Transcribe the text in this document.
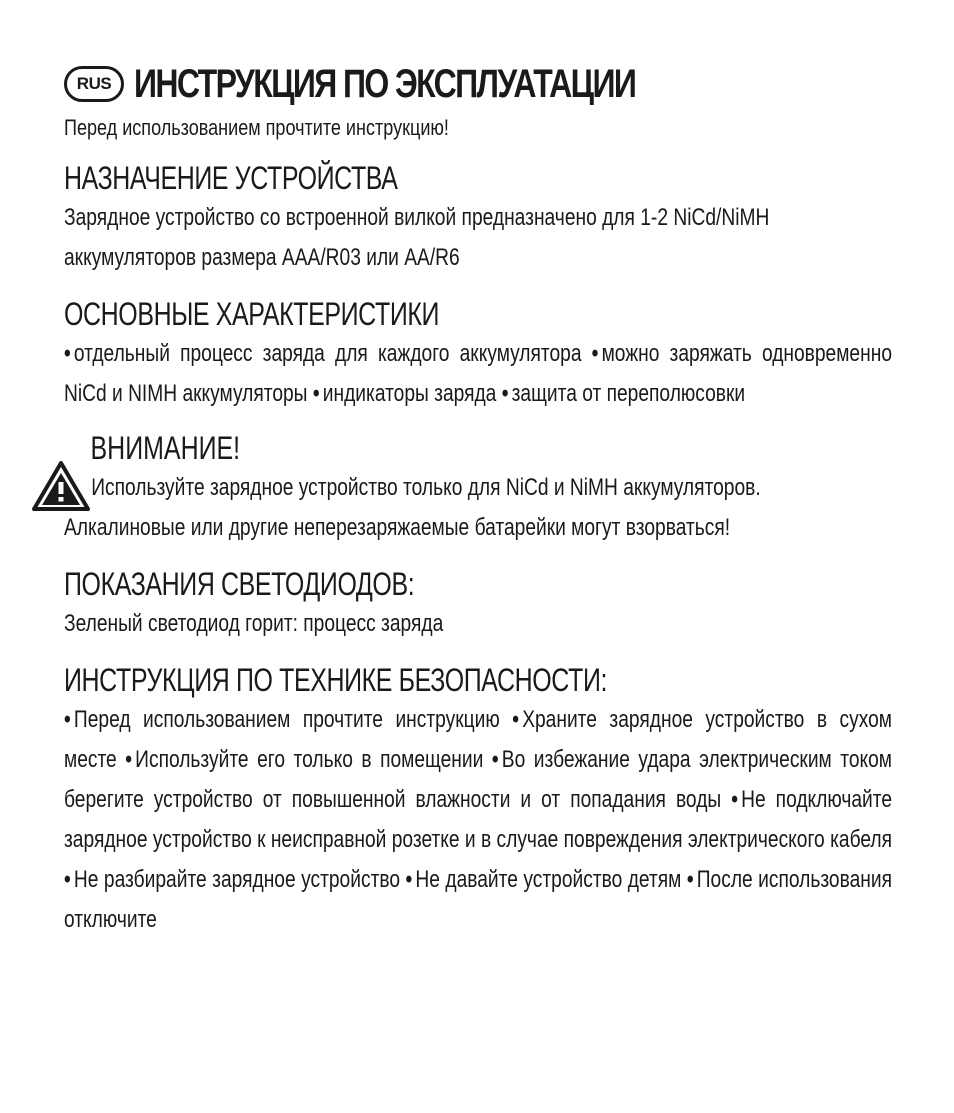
RUS ИНСТРУКЦИЯ ПО ЭКСПЛУАТАЦИИ
Перед использованием прочтите инструкцию!
НАЗНАЧЕНИЕ УСТРОЙСТВА
Зарядное устройство со встроенной вилкой предназначено для 1-2 NiCd/NiMH
аккумуляторов размера AAA/R03 или AA/R6
ОСНОВНЫЕ ХАРАКТЕРИСТИКИ
• отдельный процесс заряда для каждого аккумулятора • можно заряжать одновременно NiCd и NIMH аккумуляторы • индикаторы заряда • защита от переполюсовки
ВНИМАНИЕ!
Используйте зарядное устройство только для NiCd и NiMH аккумуляторов.
Алкалиновые или другие неперезаряжаемые батарейки могут взорваться!
ПОКАЗАНИЯ СВЕТОДИОДОВ:
Зеленый светодиод горит: процесс заряда
ИНСТРУКЦИЯ ПО ТЕХНИКЕ БЕЗОПАСНОСТИ:
• Перед использованием прочтите инструкцию • Храните зарядное устройство в сухом месте • Используйте его только в помещении • Во избежание удара электрическим током берегите устройство от повышенной влажности и от попадания воды • Не подключайте зарядное устройство к неисправной розетке и в случае повреждения электрического кабеля • Не разбирайте зарядное устройство • Не давайте устройство детям • После использования отключите
